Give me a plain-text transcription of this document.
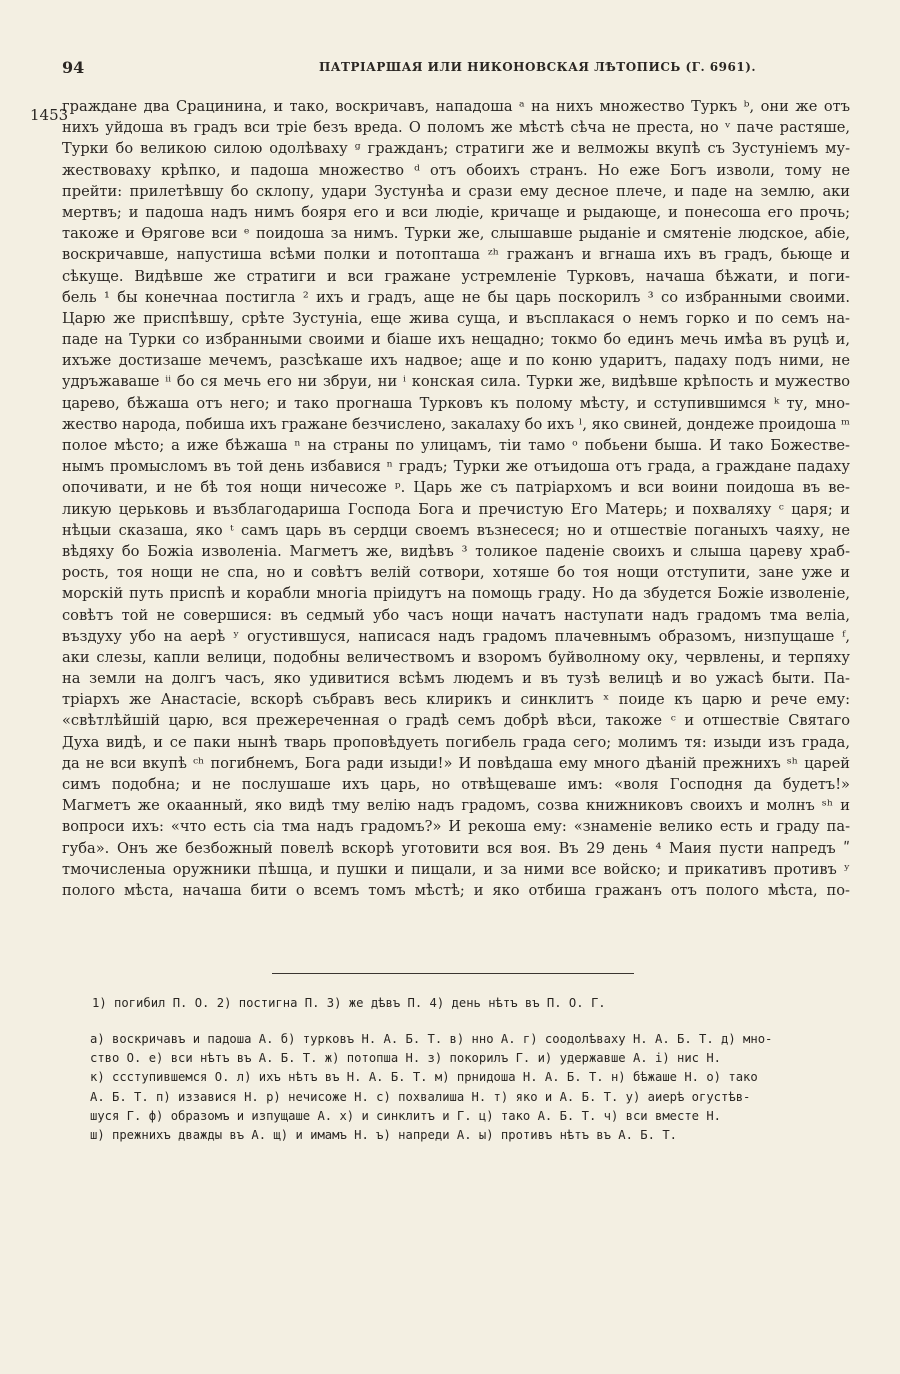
94	ПАТРІАРШАЯ ИЛИ НИКОНОВСКАЯ ЛѢТОПИСЬ (Г. 6961).
1453
граждане два Срацинина, и тако, воскричавъ, нападоша ᵃ на нихъ множество Туркъ ᵇ, они же отъ
нихъ уйдоша въ градъ вси тріе безъ вреда. О поломъ же мѣстѣ сѣча не преста, но ᵛ паче растяше,
Турки бо великою силою одолѣваху ᵍ гражданъ; стратиги же и велможы вкупѣ съ Зустуніемъ му-
жествоваху крѣпко, и падоша множество ᵈ отъ обоихъ странъ. Но еже Богъ изволи, тому не
прейти: прилетѣвшу бо склопу, удари Зустунѣа и срази ему десное плече, и паде на землю, аки
мертвъ; и падоша надъ нимъ бояря его и вси людіе, кричаще и рыдающе, и понесоша его прочь;
такоже и Ѳрягове вси ᵉ поидоша за нимъ. Турки же, слышавше рыданіе и смятеніе людское, абіе,
воскричавше, напустиша всѣми полки и потопташа ᶻʰ гражанъ и вгнаша ихъ въ градъ, бьюще и
сѣкуще. Видѣвше же стратиги и вси гражане устремленіе Турковъ, начаша бѣжати, и поги-
бель ¹ бы конечнаа постигла ² ихъ и градъ, аще не бы царь поскорилъ ³ со избранными своими.
Царю же приспѣвшу, срѣте Зустуніа, еще жива суща, и въсплакася о немъ горко и по семъ на-
паде на Турки со избранными своими и біаше ихъ нещадно; токмо бо единъ мечь имѣа въ руцѣ и,
ихъже достизаше мечемъ, разсѣкаше ихъ надвое; аще и по коню ударитъ, падаху подъ ними, не
удръжаваше ⁱⁱ бо ся мечь его ни збруи, ни ⁱ конская сила. Турки же, видѣвше крѣпость и мужество
царево, бѣжаша отъ него; и тако прогнаша Турковъ къ полому мѣсту, и сступившимся ᵏ ту, мно-
жество народа, побиша ихъ гражане безчислено, закалаху бо ихъ ˡ, яко свиней, дондеже проидоша ᵐ
полое мѣсто; а иже бѣжаша ⁿ на страны по улицамъ, тіи тамо ᵒ побьени быша. И тако Божестве-
нымъ промысломъ въ той день избавися ⁿ градъ; Турки же отъидоша отъ града, а гражданe падаху
опочивати, и не бѣ тоя нощи ничесоже ᵖ. Царь же съ патріархомъ и вси воини поидоша въ ве-
ликую церьковь и възблагодариша Господа Бога и пречистую Его Матерь; и похваляху ᶜ царя; и
нѣцыи сказаша, яко ᵗ самъ царь въ сердци своемъ възнесеся; но и отшествіе поганыхъ чаяху, не
вѣдяху бо Божіа изволеніа. Магметъ же, видѣвъ ³ толикое паденіе своихъ и слыша цареву храб-
рость, тоя нощи не спа, но и совѣтъ велій сотвори, хотяше бо тоя нощи отступити, зане уже и
морскій путь приспѣ и корабли многіа пріидутъ на помощь граду. Но да збудется Божіе изволеніе,
совѣтъ той не совершися: въ седмый убо часъ нощи начатъ наступати надъ градомъ тма веліа,
въздуху убо на аерѣ ʸ огустившуся, написася надъ градомъ плачевнымъ образомъ, низпущаше ᶠ,
аки слезы, капли велици, подобны величествомъ и взоромъ буйволному оку, червлены, и терпяху
на земли на долгъ часъ, яко удивитися всѣмъ людемъ и въ тузѣ велицѣ и во ужасѣ быти. Па-
тріархъ же Анастасіе, вскорѣ събравъ весь клирикъ и синклитъ ˣ поиде къ царю и рече ему:
«свѣтлѣйшій царю, вся прежереченная о градѣ семъ добрѣ вѣси, такоже ᶜ и отшествіе Святаго
Духа видѣ, и се паки нынѣ тварь проповѣдуеть погибель града сего; молимъ тя: изыди изъ града,
да не вси вкупѣ ᶜʰ погибнемъ, Бога ради изыди!» И повѣдаша ему много дѣаній прежнихъ ˢʰ царей
симъ подобна; и не послушаше ихъ царь, но отвѣщеваше имъ: «воля Господня да будетъ!»
Магметъ же окаанный, яко видѣ тму велію надъ градомъ, созва книжниковъ своихъ и молнъ ˢʰ и
вопроси ихъ: «что есть сіа тма надъ градомъ?» И рекоша ему: «знаменіе велико есть и граду па-
губа». Онъ же безбожный повелѣ вскорѣ уготовити вся воя. Въ 29 день ⁴ Маия пусти напредъ ʺ
тмочисленыа оружники пѣшца, и пушки и пищали, и за ними все войско; и прикативъ противъ ʸ
полого мѣста, начаша бити о всемъ томъ мѣстѣ; и яко отбиша гражанъ отъ полого мѣста, по-
1) погибил П. О. 2) постигна П. 3) же дѣвъ П. 4) день нѣтъ въ П. О. Г.
а) воскричавъ и падоша А. б) турковъ Н. А. Б. Т. в) нно А. г) соодолѣваху Н. А. Б. Т. д) мно-
ство О. е) вси нѣтъ въ А. Б. Т. ж) потопша Н. з) покорилъ Г. и) удержавше А. і) нис Н.
к) ссступившемся О. л) ихъ нѣтъ въ Н. А. Б. Т. м) прнидоша Н. А. Б. Т. н) бѣжаше Н. о) тако
А. Б. Т. п) иззавися Н. р) нечисоже Н. с) похвалиша Н. т) яко и А. Б. Т. у) аиерѣ огустѣв-
шуся Г. ф) образомъ и изпущаше А. х) и синклитъ и Г. ц) тако А. Б. Т. ч) вси вместе Н.
ш) прежнихъ дважды въ А. щ) и имамъ Н. ъ) напреди А. ы) противъ нѣтъ въ А. Б. Т.
